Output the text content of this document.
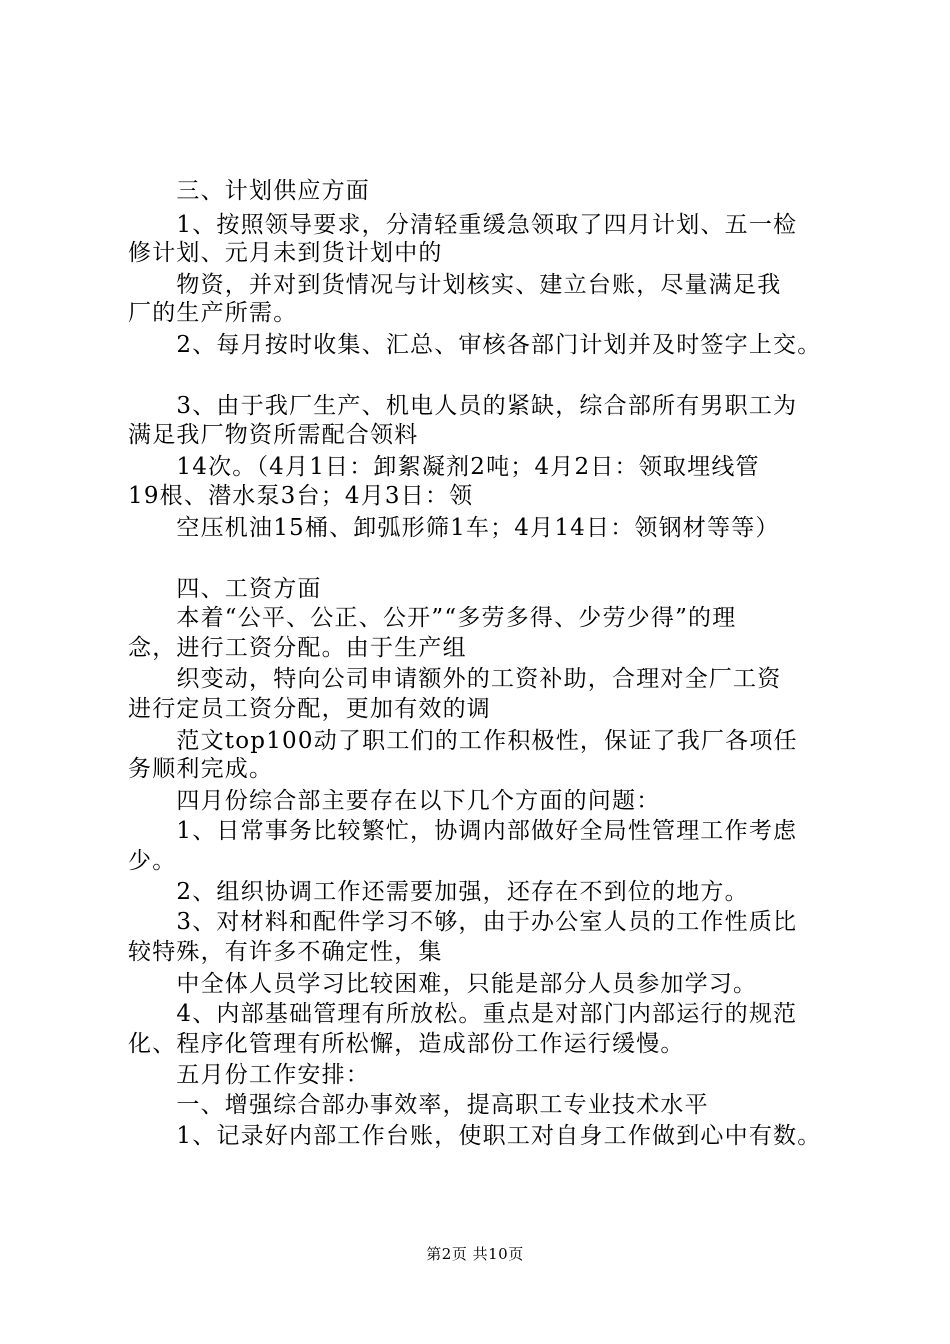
　　三、计划供应方面
　　1、按照领导要求，分清轻重缓急领取了四月计划、五一检
修计划、元月未到货计划中的
　　物资，并对到货情况与计划核实、建立台账，尽量满足我
厂的生产所需。
　　2、每月按时收集、汇总、审核各部门计划并及时签字上交。
　　3、由于我厂生产、机电人员的紧缺，综合部所有男职工为
满足我厂物资所需配合领料
　　14次。（4月1日：卸絮凝剂2吨；4月2日：领取埋线管
19根、潜水泵3台；4月3日：领
　　空压机油15桶、卸弧形筛1车；4月14日：领钢材等等）
　　四、工资方面
　　本着“公平、公正、公开”“多劳多得、少劳少得”的理
念，进行工资分配。由于生产组
　　织变动，特向公司申请额外的工资补助，合理对全厂工资
进行定员工资分配，更加有效的调
　　范文top100动了职工们的工作积极性，保证了我厂各项任
务顺利完成。
　　四月份综合部主要存在以下几个方面的问题：
　　1、日常事务比较繁忙，协调内部做好全局性管理工作考虑
少。
　　2、组织协调工作还需要加强，还存在不到位的地方。
　　3、对材料和配件学习不够，由于办公室人员的工作性质比
较特殊，有许多不确定性，集
　　中全体人员学习比较困难，只能是部分人员参加学习。
　　4、内部基础管理有所放松。重点是对部门内部运行的规范
化、程序化管理有所松懈，造成部份工作运行缓慢。
　　五月份工作安排：
　　一、增强综合部办事效率，提高职工专业技术水平
　　1、记录好内部工作台账，使职工对自身工作做到心中有数。
第2页 共10页
